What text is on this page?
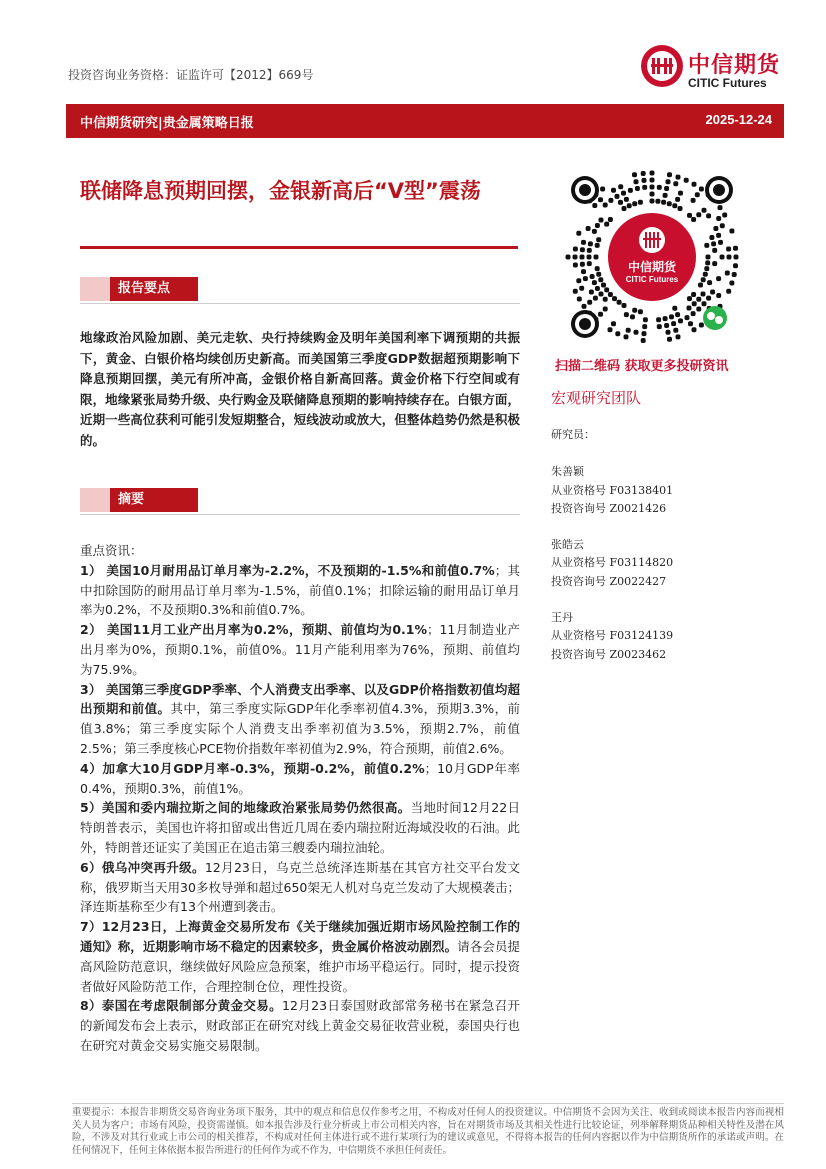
投资咨询业务资格：证监许可【2012】669号	中信期货
CITIC Futures
中信期货研究|贵金属策略日报	2025-12-24
联储降息预期回摆，金银新高后“V型”震荡
报告要点
地缘政治风险加剧、美元走软、央行持续购金及明年美国利率下调预期的共振下，黄金、白银价格均续创历史新高。而美国第三季度GDP数据超预期影响下降息预期回摆，美元有所冲高，金银价格自新高回落。黄金价格下行空间或有限，地缘紧张局势升级、央行购金及联储降息预期的影响持续存在。白银方面，近期一些高位获利可能引发短期整合，短线波动或放大，但整体趋势仍然是积极的。
摘要

重点资讯：

1） 美国10月耐用品订单月率为-2.2%，不及预期的-1.5%和前值0.7%；其中扣除国防的耐用品订单月率为-1.5%，前值0.1%；扣除运输的耐用品订单月率为0.2%，不及预期0.3%和前值0.7%。

2） 美国11月工业产出月率为0.2%，预期、前值均为0.1%；11月制造业产出月率为0%，预期0.1%，前值0%。11月产能利用率为76%，预期、前值均为75.9%。

3） 美国第三季度GDP季率、个人消费支出季率、以及GDP价格指数初值均超出预期和前值。其中，第三季度实际GDP年化季率初值4.3%，预期3.3%，前值3.8%；第三季度实际个人消费支出季率初值为3.5%，预期2.7%，前值2.5%；第三季度核心PCE物价指数年率初值为2.9%，符合预期，前值2.6%。

4）加拿大10月GDP月率-0.3%，预期-0.2%，前值0.2%；10月GDP年率0.4%，预期0.3%，前值1%。

5）美国和委内瑞拉斯之间的地缘政治紧张局势仍然很高。当地时间12月22日特朗普表示，美国也许将扣留或出售近几周在委内瑞拉附近海域没收的石油。此外，特朗普还证实了美国正在追击第三艘委内瑞拉油轮。

6）俄乌冲突再升级。12月23日，乌克兰总统泽连斯基在其官方社交平台发文称，俄罗斯当天用30多枚导弹和超过650架无人机对乌克兰发动了大规模袭击；泽连斯基称至少有13个州遭到袭击。

7）12月23日，上海黄金交易所发布《关于继续加强近期市场风险控制工作的通知》称，近期影响市场不稳定的因素较多，贵金属价格波动剧烈。请各会员提高风险防范意识，继续做好风险应急预案，维护市场平稳运行。同时，提示投资者做好风险防范工作，合理控制仓位，理性投资。

8）泰国在考虑限制部分黄金交易。12月23日泰国财政部常务秘书在紧急召开的新闻发布会上表示，财政部正在研究对线上黄金交易征收营业税，泰国央行也在研究对黄金交易实施交易限制。

中信期货
CITIC Futures
扫描二维码 获取更多投研资讯
宏观研究团队
研究员：
朱善颖
从业资格号 F03138401
投资咨询号 Z0021426
张皓云
从业资格号 F03114820
投资咨询号 Z0022427
王丹
从业资格号 F03124139
投资咨询号 Z0023462
重要提示：本报告非期货交易咨询业务项下服务，其中的观点和信息仅作参考之用，不构成对任何人的投资建议。中信期货不会因为关注、收到或阅读本报告内容而视相关人员为客户；市场有风险，投资需谨慎。如本报告涉及行业分析或上市公司相关内容，旨在对期货市场及其相关性进行比较论证，列举解释期货品种相关特性及潜在风险，不涉及对其行业或上市公司的相关推荐，不构成对任何主体进行或不进行某项行为的建议或意见，不得将本报告的任何内容据以作为中信期货所作的承诺或声明。在任何情况下，任何主体依据本报告所进行的任何作为或不作为，中信期货不承担任何责任。
